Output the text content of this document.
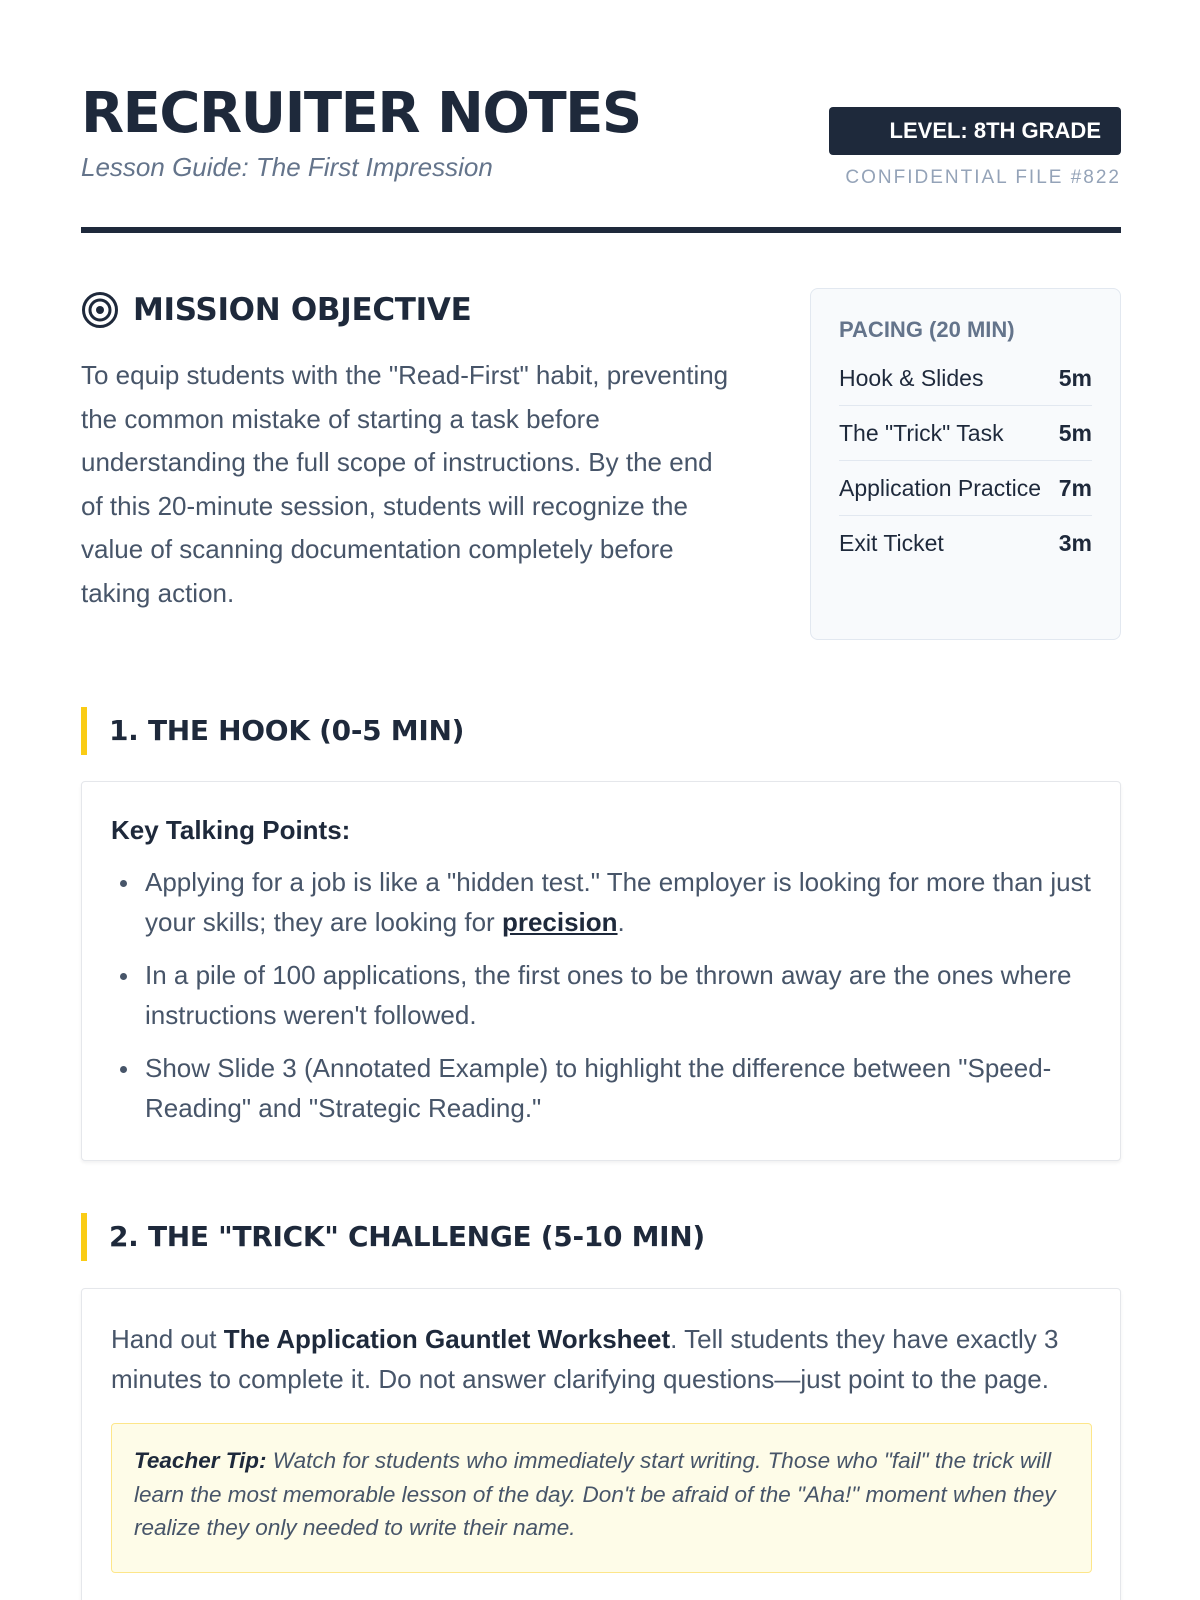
RECRUITER NOTES
Lesson Guide: The First Impression
LEVEL: 8TH GRADE
CONFIDENTIAL FILE #822
MISSION OBJECTIVE

To equip students with the "Read-First" habit, preventing the common mistake of starting a task before understanding the full scope of instructions. By the end of this 20-minute session, students will recognize the value of scanning documentation completely before taking action.

PACING (20 MIN)
Hook & Slides	5m
The "Trick" Task 5m
Application Practice 7m
Exit Ticket	3m
1. THE HOOK (0-5 MIN)
Key Talking Points:
Applying for a job is like a "hidden test." The employer is looking for more than just your skills; they are looking for precision.
In a pile of 100 applications, the first ones to be thrown away are the ones where instructions weren't followed.
Show Slide 3 (Annotated Example) to highlight the difference between "Speed-Reading" and "Strategic Reading."
2. THE "TRICK" CHALLENGE (5-10 MIN)

Hand out The Application Gauntlet Worksheet. Tell students they have exactly 3 minutes to complete it. Do not answer clarifying questions—just point to the page.

Teacher Tip: Watch for students who immediately start writing. Those who "fail" the trick will learn the most memorable lesson of the day. Don't be afraid of the "Aha!" moment when they realize they only needed to write their name.
